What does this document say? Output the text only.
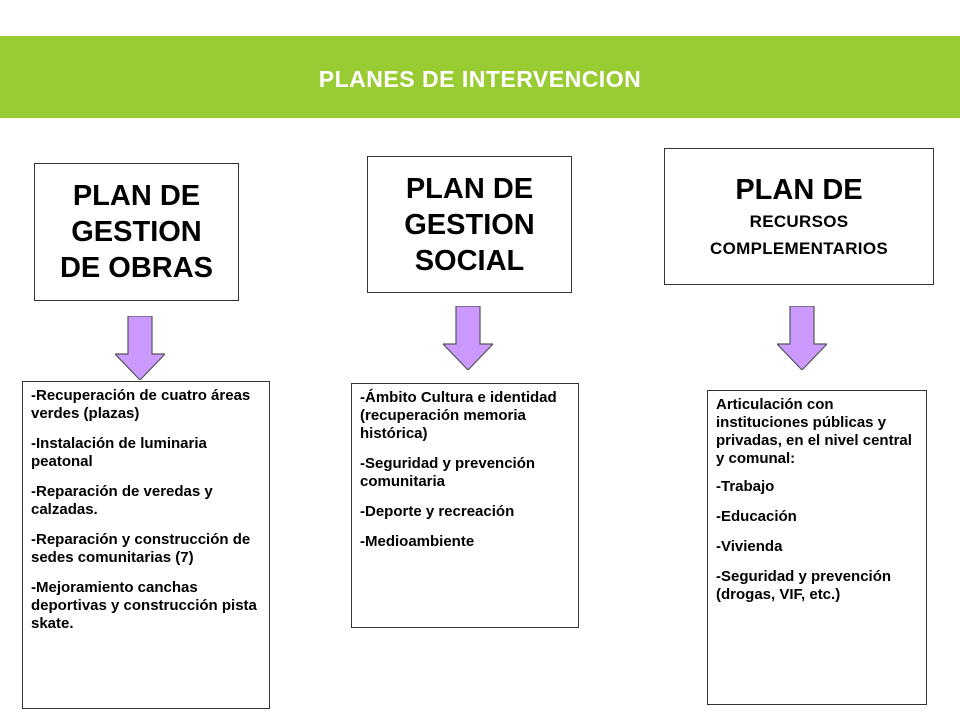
PLANES DE INTERVENCION
PLAN DE
GESTION
DE OBRAS
PLAN DE
GESTION
SOCIAL
PLAN DE
RECURSOS
COMPLEMENTARIOS

-Recuperación de cuatro áreas verdes (plazas)

-Instalación de luminaria peatonal

-Reparación de veredas y calzadas.

-Reparación y construcción de sedes comunitarias (7)

-Mejoramiento canchas deportivas y construcción pista skate.

-Ámbito Cultura e identidad (recuperación memoria histórica)

-Seguridad y prevención comunitaria

-Deporte y recreación

-Medioambiente

Articulación con instituciones públicas y privadas, en el nivel central y comunal:

-Trabajo

-Educación

-Vivienda

-Seguridad y prevención (drogas, VIF, etc.)
